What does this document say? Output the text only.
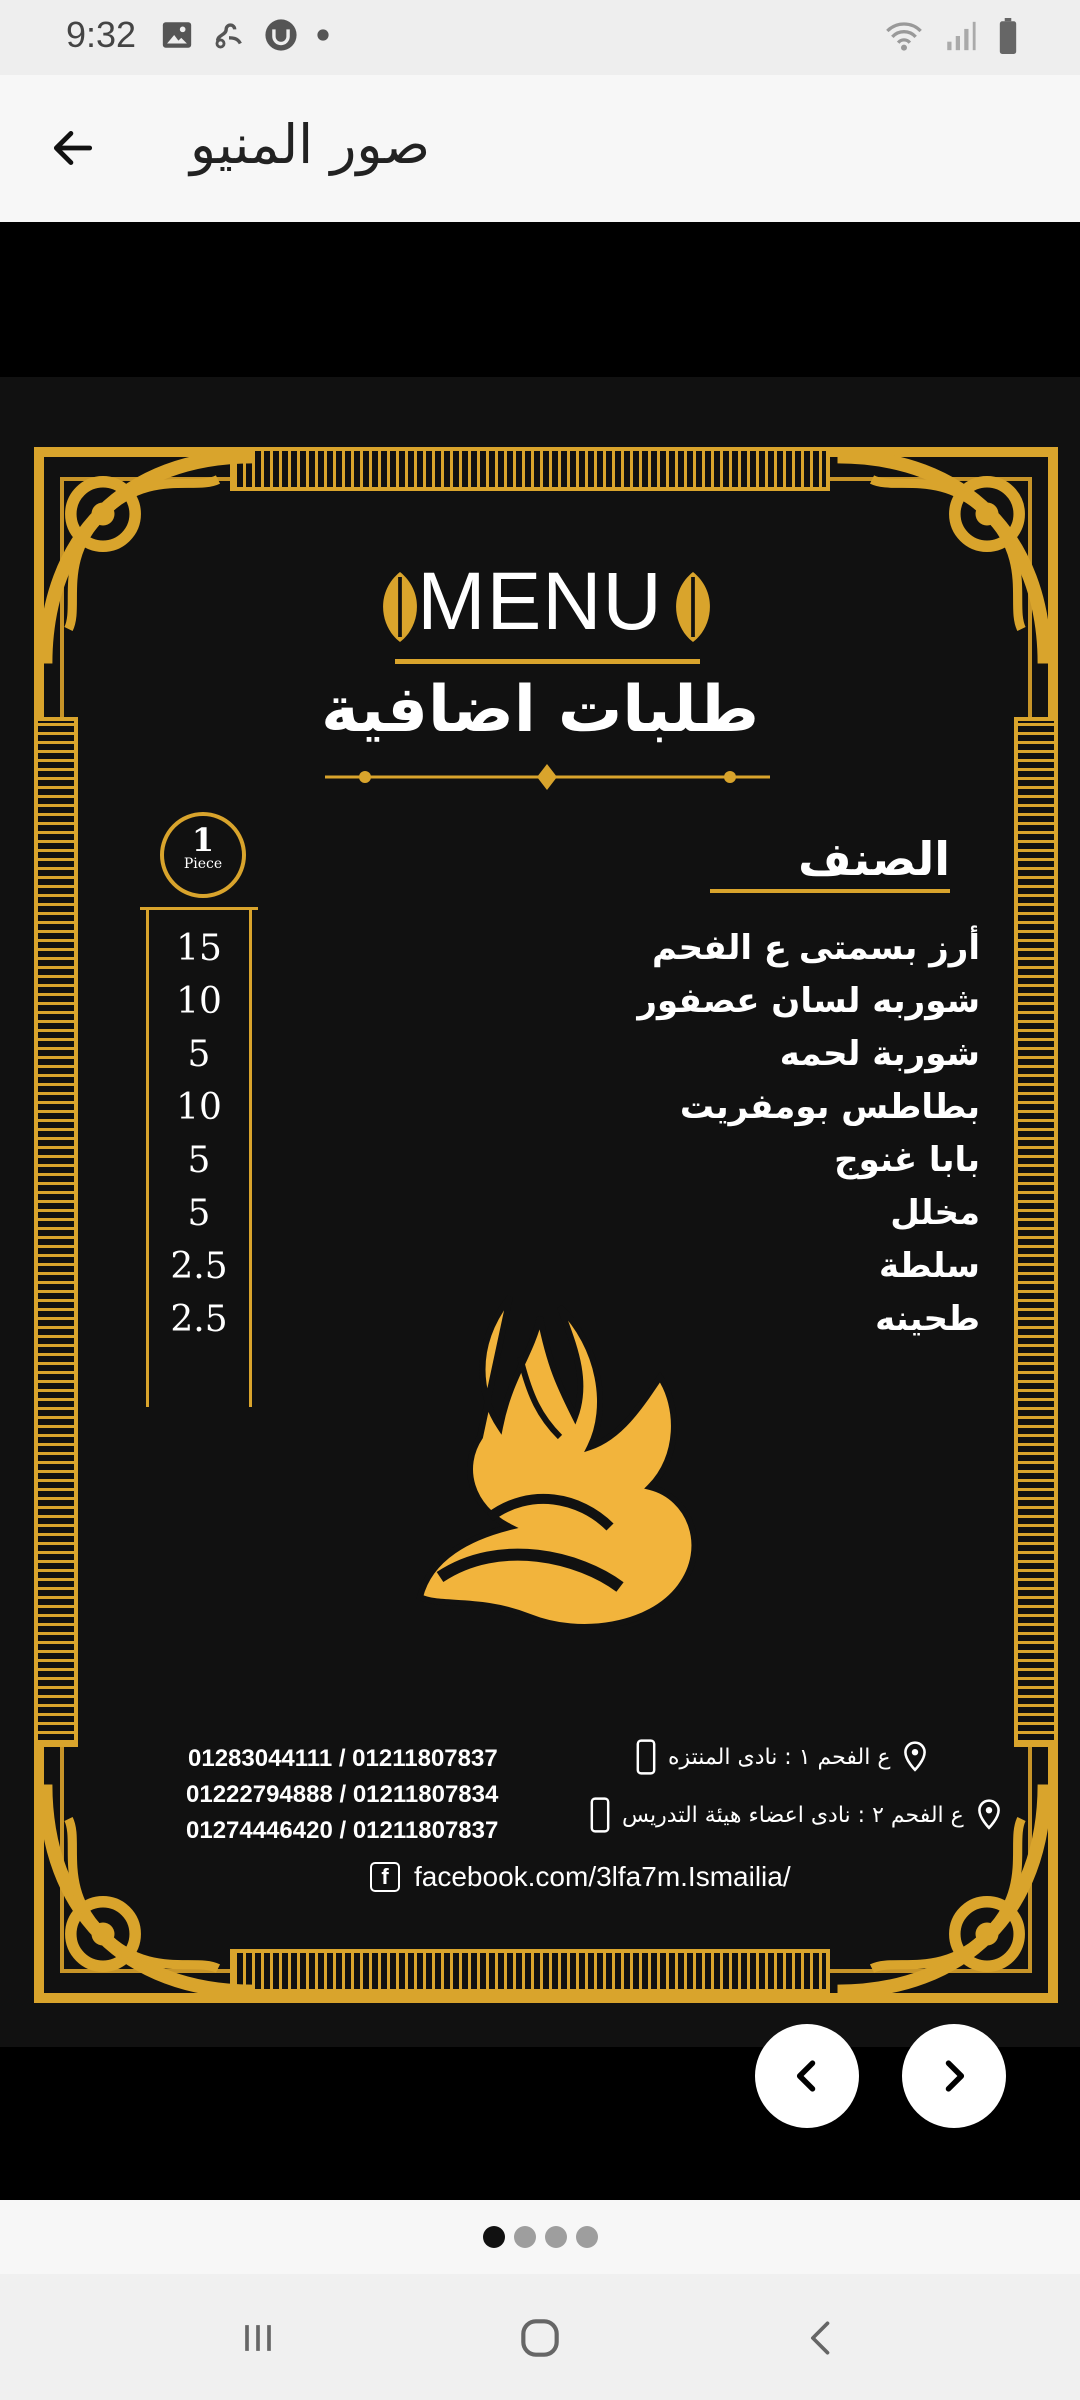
9:32
صور المنيو
MENU
طلبات اضافية
الصنف
1
Piece
أرز بسمتى ع الفحم
شوربه لسان عصفور
شوربة لحمه
بطاطس بومفريت
بابا غنوج
مخلل
سلطة
طحينه
15
10
5
10
5
5
2.5
2.5
01283044111 / 01211807837
01222794888 / 01211807834
01274446420 / 01211807837
ع الفحم ١ : نادى المنتزه
ع الفحم ٢ : نادى اعضاء هيئة التدريس
f facebook.com/3lfa7m.Ismailia/
